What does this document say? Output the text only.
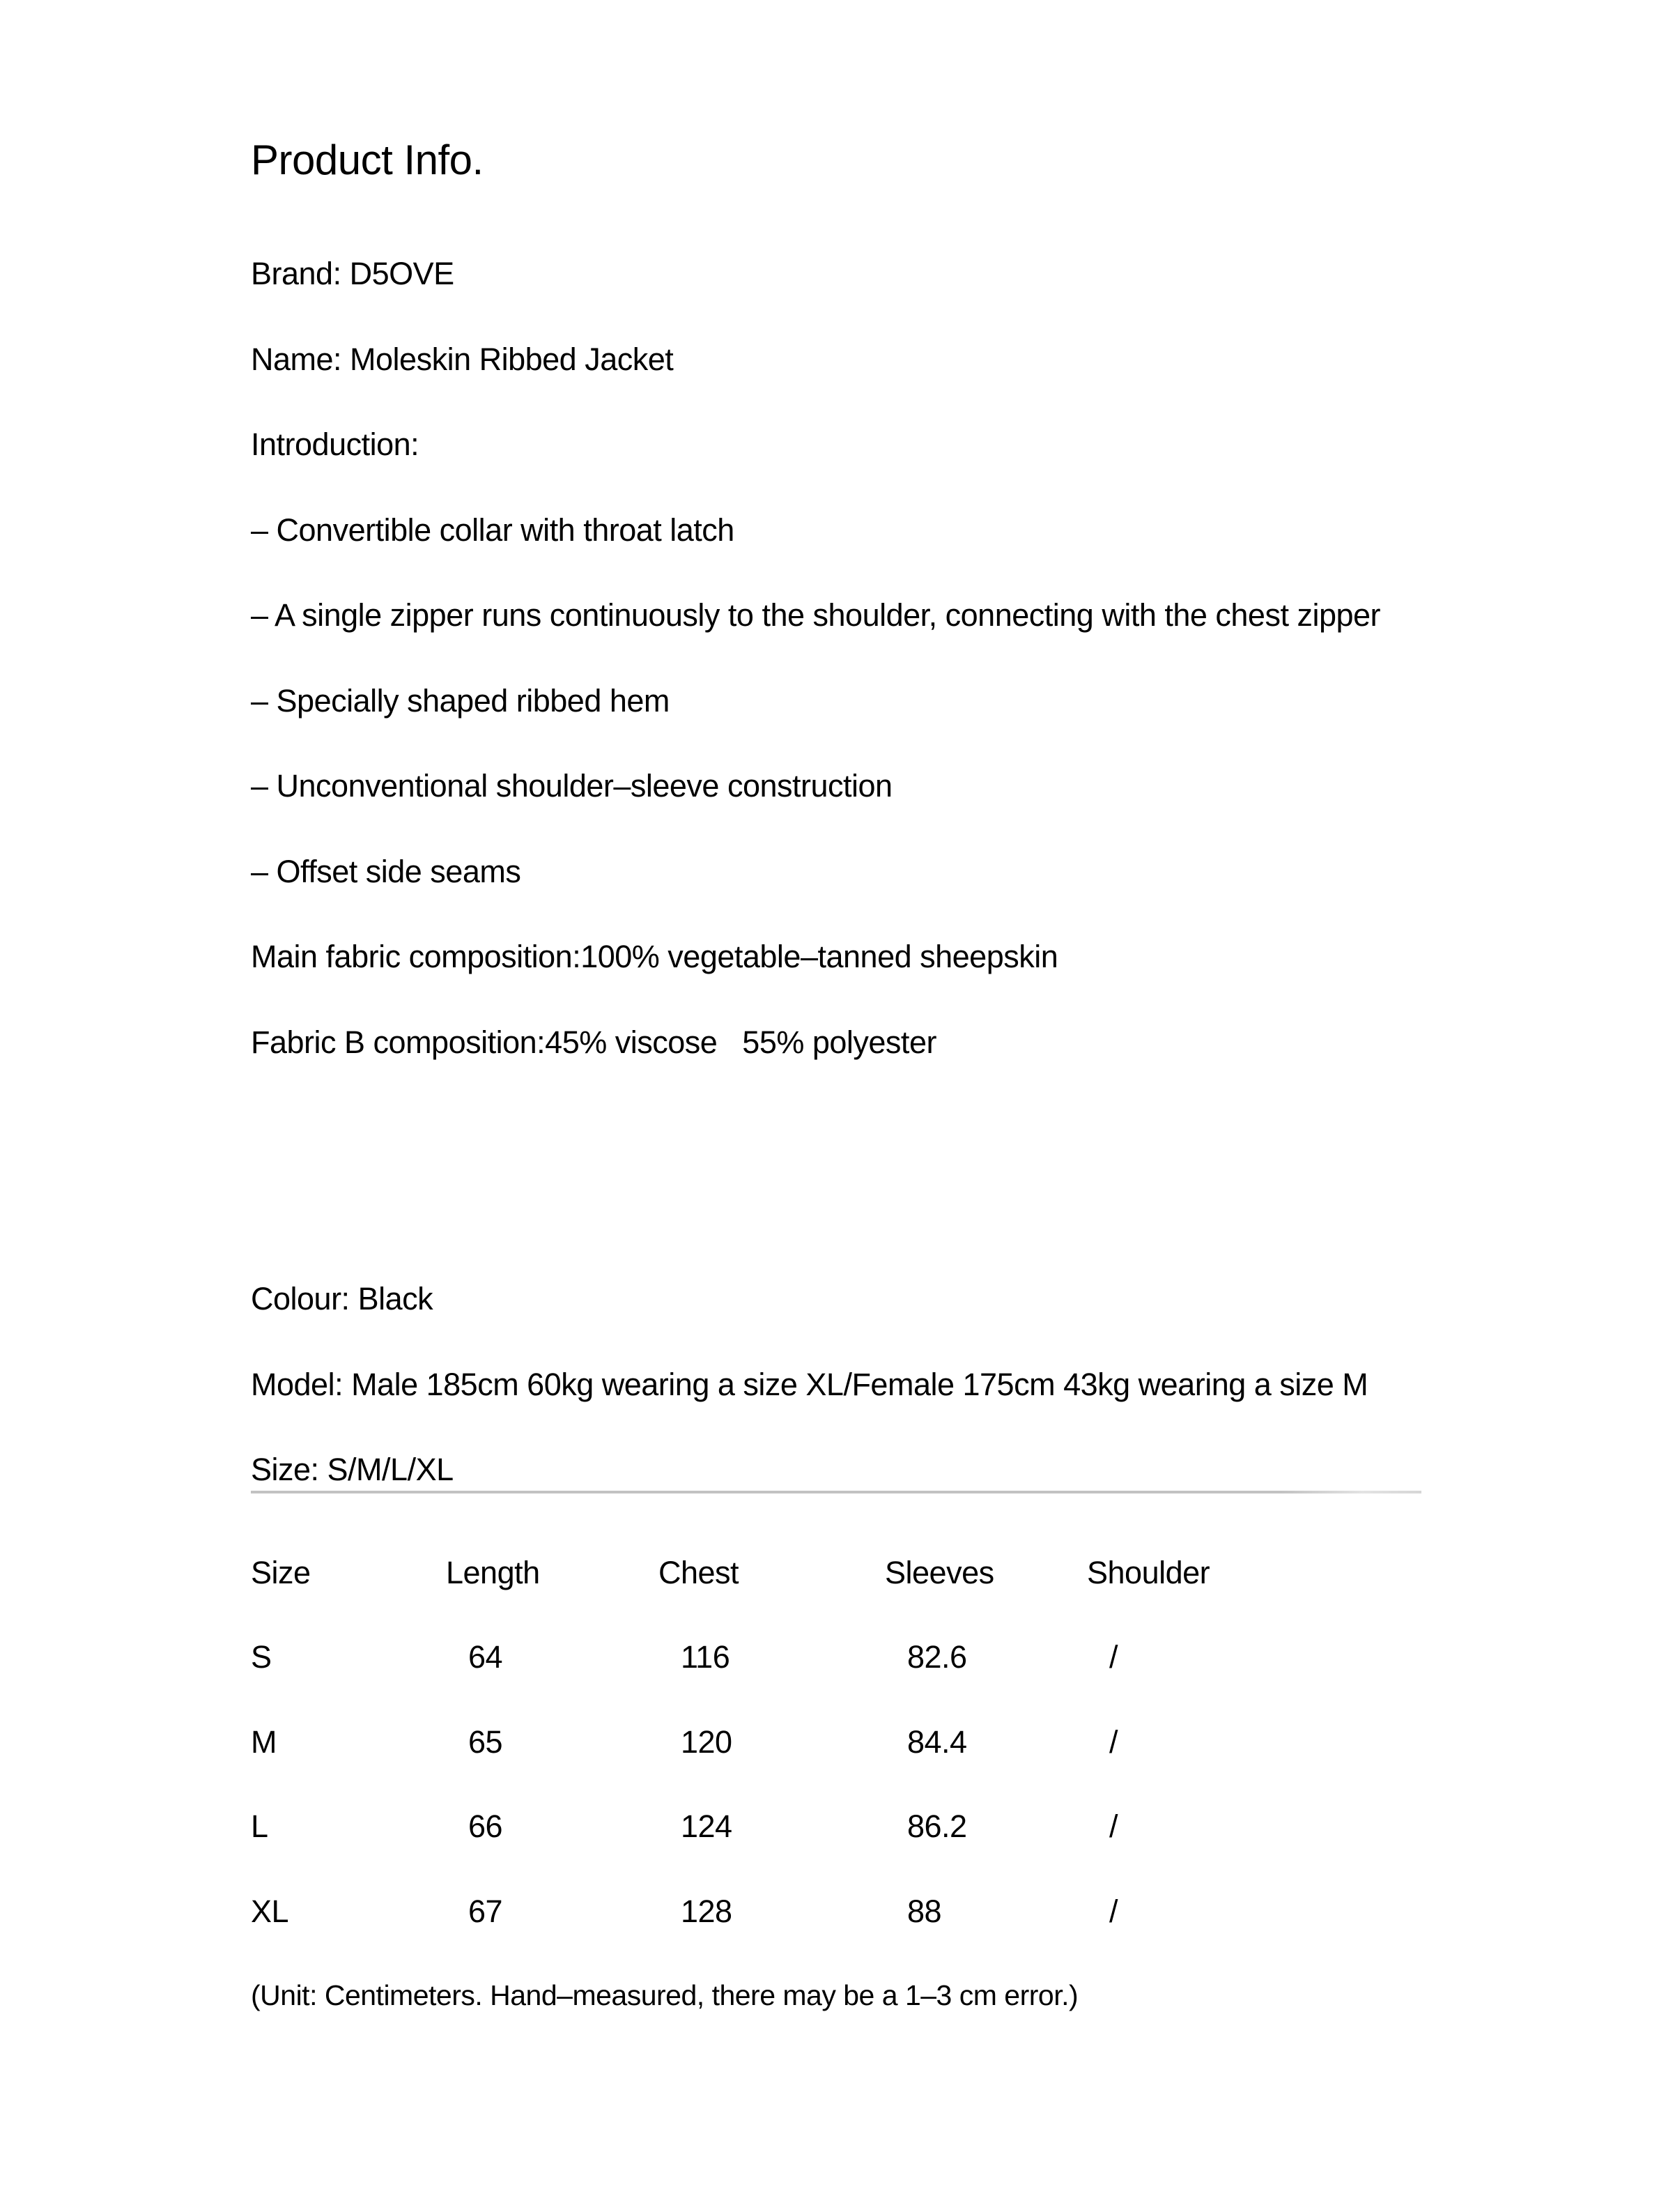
Product Info.

Brand: D5OVE

Name: Moleskin Ribbed Jacket

Introduction:

– Convertible collar with throat latch

– A single zipper runs continuously to the shoulder, connecting with the chest zipper

– Specially shaped ribbed hem

– Unconventional shoulder–sleeve construction

– Offset side seams

Main fabric composition:100% vegetable–tanned sheepskin

Fabric B composition:45% viscose   55% polyester

Colour: Black

Model: Male 185cm 60kg wearing a size XL/Female 175cm 43kg wearing a size M

Size: S/M/L/XL

Size	Length	Chest	Sleeves	Shoulder
S	64	116	82.6	/
M	65	120	84.4	/
L	66	124	86.2	/
XL	67	128	88	/

(Unit: Centimeters. Hand–measured, there may be a 1–3 cm error.)
